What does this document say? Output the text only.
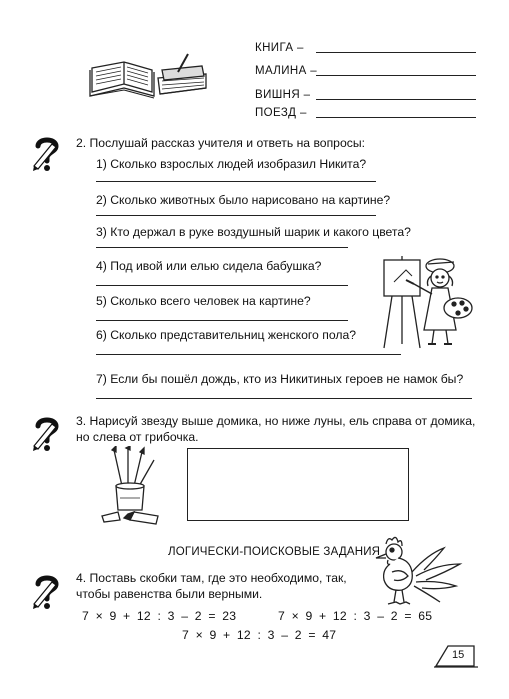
КНИГА –
МАЛИНА –
ВИШНЯ –
ПОЕЗД –
2. Послушай рассказ учителя и ответь на вопросы:
1) Сколько взрослых людей изобразил Никита?
2) Сколько животных было нарисовано на картине?
3) Кто держал в руке воздушный шарик и какого цвета?
4) Под ивой или елью сидела бабушка?
5) Сколько всего человек на картине?
6) Сколько представительниц женского пола?
7) Если бы пошёл дождь, кто из Никитиных героев не намок бы?
3. Нарисуй звезду выше домика, но ниже луны, ель справа от домика,
но слева от грибочка.
ЛОГИЧЕСКИ-ПОИСКОВЫЕ ЗАДАНИЯ
4. Поставь скобки там, где это необходимо, так,
чтобы равенства были верными.
7 × 9 + 12 : 3 – 2 = 23	7 × 9 + 12 : 3 – 2 = 65
7 × 9 + 12 : 3 – 2 = 47
15
